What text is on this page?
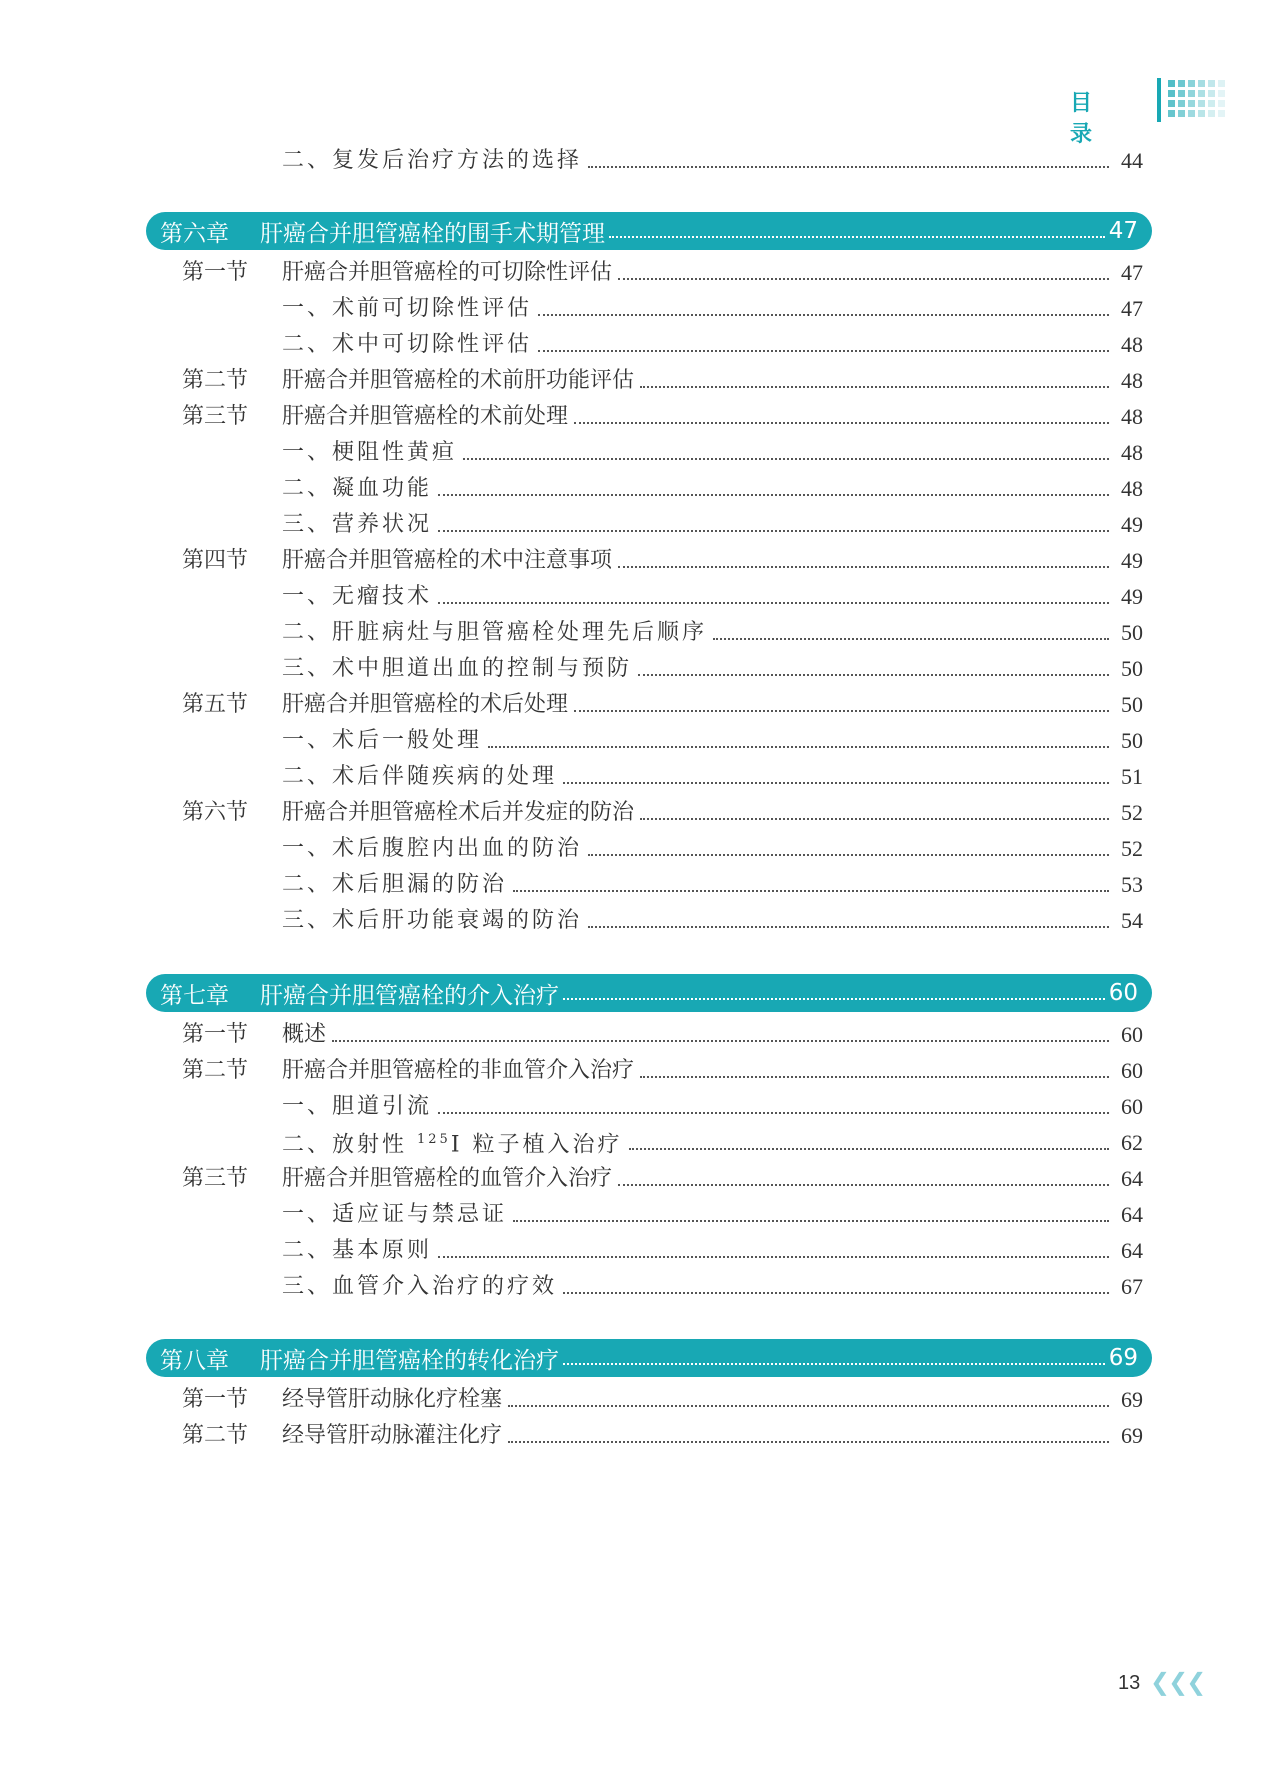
目 录
二、复发后治疗方法的选择	44
第六章	肝癌合并胆管癌栓的围手术期管理	47
第一节 肝癌合并胆管癌栓的可切除性评估	47
一、术前可切除性评估	47
二、术中可切除性评估	48
第二节 肝癌合并胆管癌栓的术前肝功能评估	48
第三节 肝癌合并胆管癌栓的术前处理	48
一、梗阻性黄疸	48
二、凝血功能	48
三、营养状况	49
第四节 肝癌合并胆管癌栓的术中注意事项	49
一、无瘤技术	49
二、肝脏病灶与胆管癌栓处理先后顺序	50
三、术中胆道出血的控制与预防	50
第五节 肝癌合并胆管癌栓的术后处理	50
一、术后一般处理	50
二、术后伴随疾病的处理	51
第六节 肝癌合并胆管癌栓术后并发症的防治	52
一、术后腹腔内出血的防治	52
二、术后胆漏的防治	53
三、术后肝功能衰竭的防治	54
第七章	肝癌合并胆管癌栓的介入治疗	60
第一节 概述	60
第二节 肝癌合并胆管癌栓的非血管介入治疗	60
一、胆道引流	60
二、放射性 $^{125}$I 粒子植入治疗	62
第三节 肝癌合并胆管癌栓的血管介入治疗	64
一、适应证与禁忌证	64
二、基本原则	64
三、血管介入治疗的疗效	67
第八章	肝癌合并胆管癌栓的转化治疗	69
第一节 经导管肝动脉化疗栓塞	69
第二节 经导管肝动脉灌注化疗	69
13 ❮❮❮
